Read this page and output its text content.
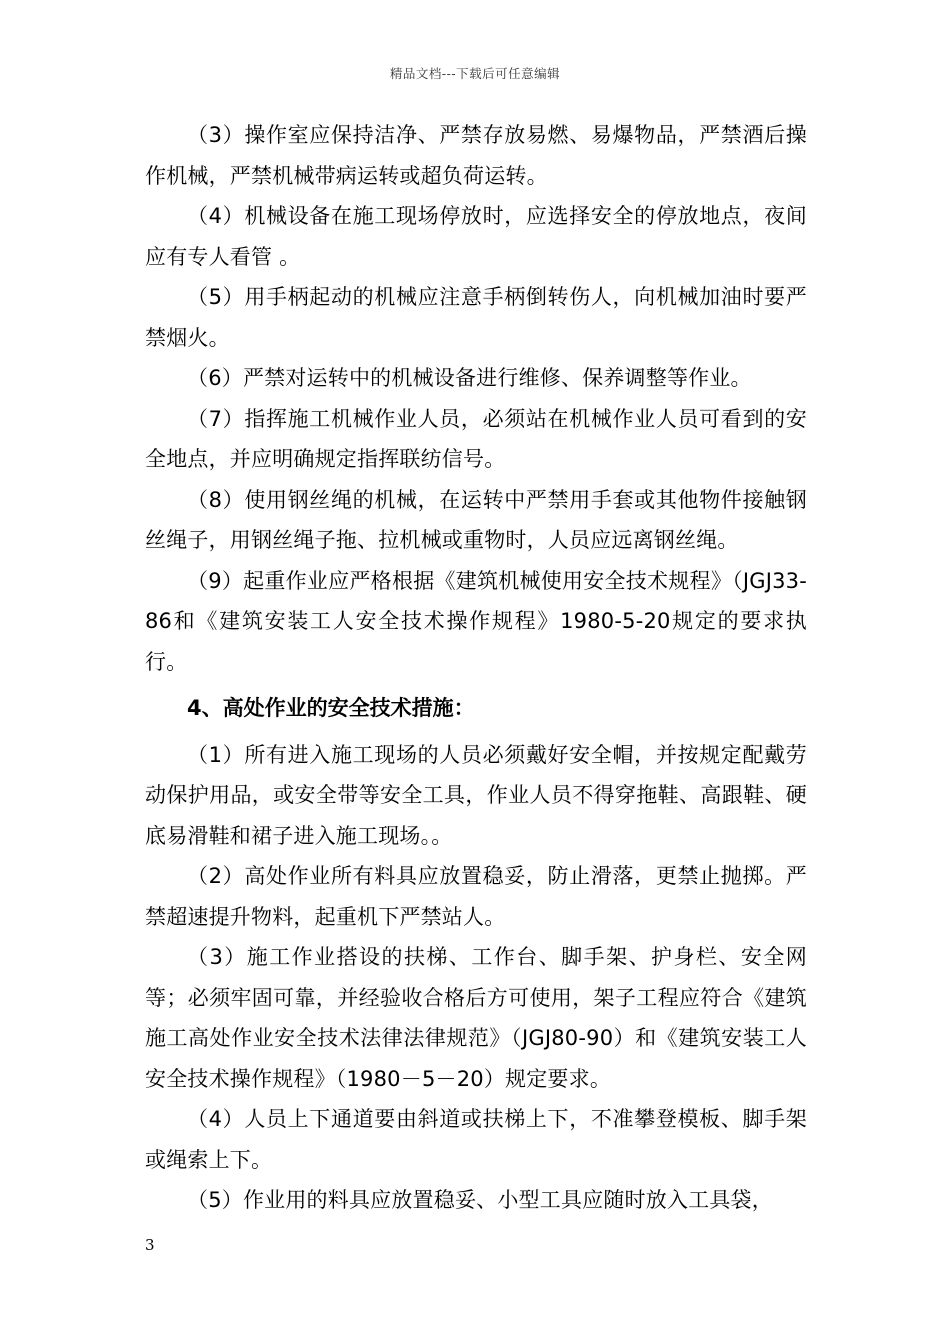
精品文档---下载后可任意编辑

（3）操作室应保持洁净、严禁存放易燃、易爆物品，严禁酒后操作机械，严禁机械带病运转或超负荷运转。

（4）机械设备在施工现场停放时，应选择安全的停放地点，夜间应有专人看管 。

（5）用手柄起动的机械应注意手柄倒转伤人，向机械加油时要严禁烟火。

（6）严禁对运转中的机械设备进行维修、保养调整等作业。

（7）指挥施工机械作业人员，必须站在机械作业人员可看到的安全地点，并应明确规定指挥联纺信号。

（8）使用钢丝绳的机械，在运转中严禁用手套或其他物件接触钢丝绳子，用钢丝绳子拖、拉机械或重物时，人员应远离钢丝绳。

（9）起重作业应严格根据《建筑机械使用安全技术规程》（JGJ33-86和《建筑安装工人安全技术操作规程》1980-5-20规定的要求执行。

4、高处作业的安全技术措施：

（1）所有进入施工现场的人员必须戴好安全帽，并按规定配戴劳动保护用品，或安全带等安全工具，作业人员不得穿拖鞋、高跟鞋、硬底易滑鞋和裙子进入施工现场。。

（2）高处作业所有料具应放置稳妥，防止滑落，更禁止抛掷。严禁超速提升物料，起重机下严禁站人。

（3）施工作业搭设的扶梯、工作台、脚手架、护身栏、安全网等；必须牢固可靠，并经验收合格后方可使用，架子工程应符合《建筑施工高处作业安全技术法律法律规范》（JGJ80-90）和《建筑安装工人安全技术操作规程》（1980－5－20）规定要求。

（4）人员上下通道要由斜道或扶梯上下，不准攀登模板、脚手架或绳索上下。

（5）作业用的料具应放置稳妥、小型工具应随时放入工具袋，

3
